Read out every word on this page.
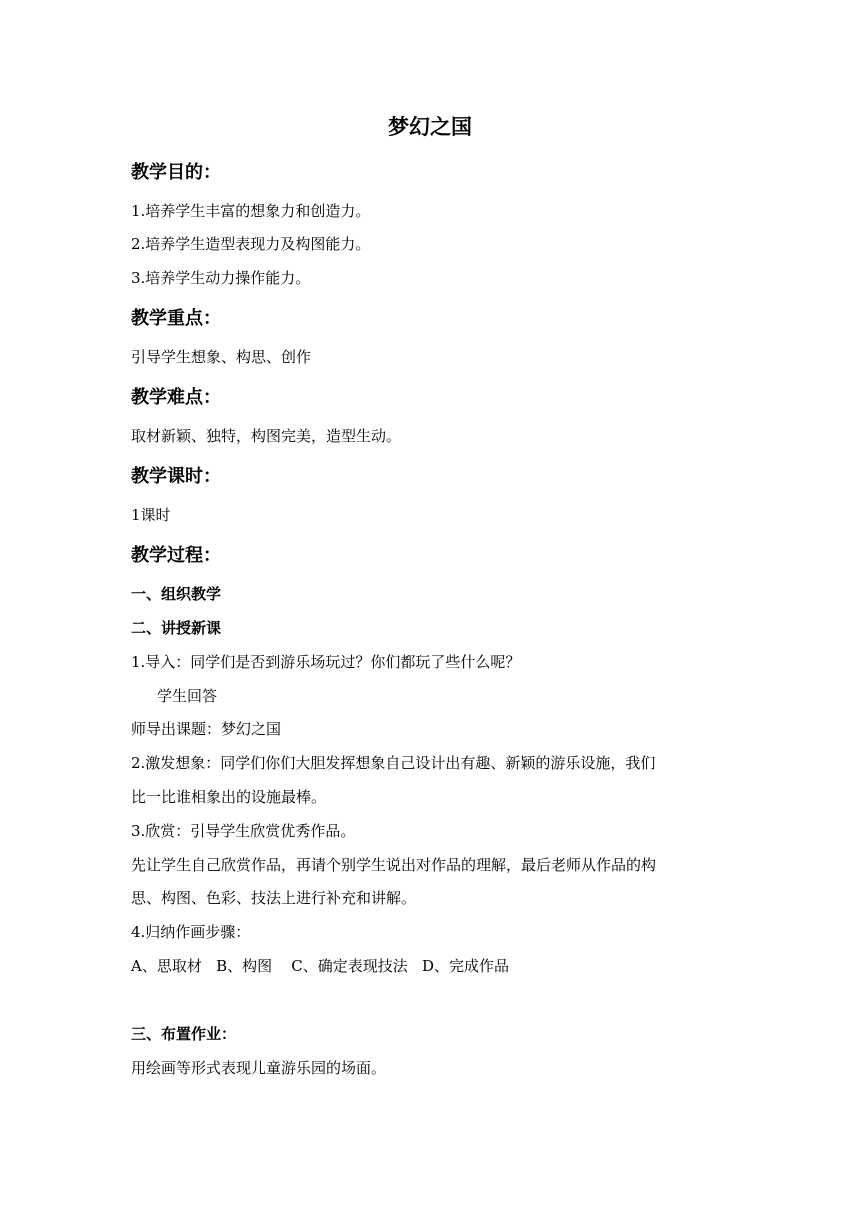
梦幻之国
教学目的：
1.培养学生丰富的想象力和创造力。
2.培养学生造型表现力及构图能力。
3.培养学生动力操作能力。
教学重点：
引导学生想象、构思、创作
教学难点：
取材新颖、独特，构图完美，造型生动。
教学课时：
1课时
教学过程：
一、组织教学
二、讲授新课
1.导入：同学们是否到游乐场玩过？你们都玩了些什么呢？
学生回答
师导出课题：梦幻之国
2.激发想象：同学们你们大胆发挥想象自己设计出有趣、新颖的游乐设施，我们
比一比谁相象出的设施最棒。
3.欣赏：引导学生欣赏优秀作品。
先让学生自己欣赏作品，再请个别学生说出对作品的理解，最后老师从作品的构
思、构图、色彩、技法上进行补充和讲解。
4.归纳作画步骤：
A、思取材   B、构图    C、确定表现技法   D、完成作品
三、布置作业：
用绘画等形式表现儿童游乐园的场面。
